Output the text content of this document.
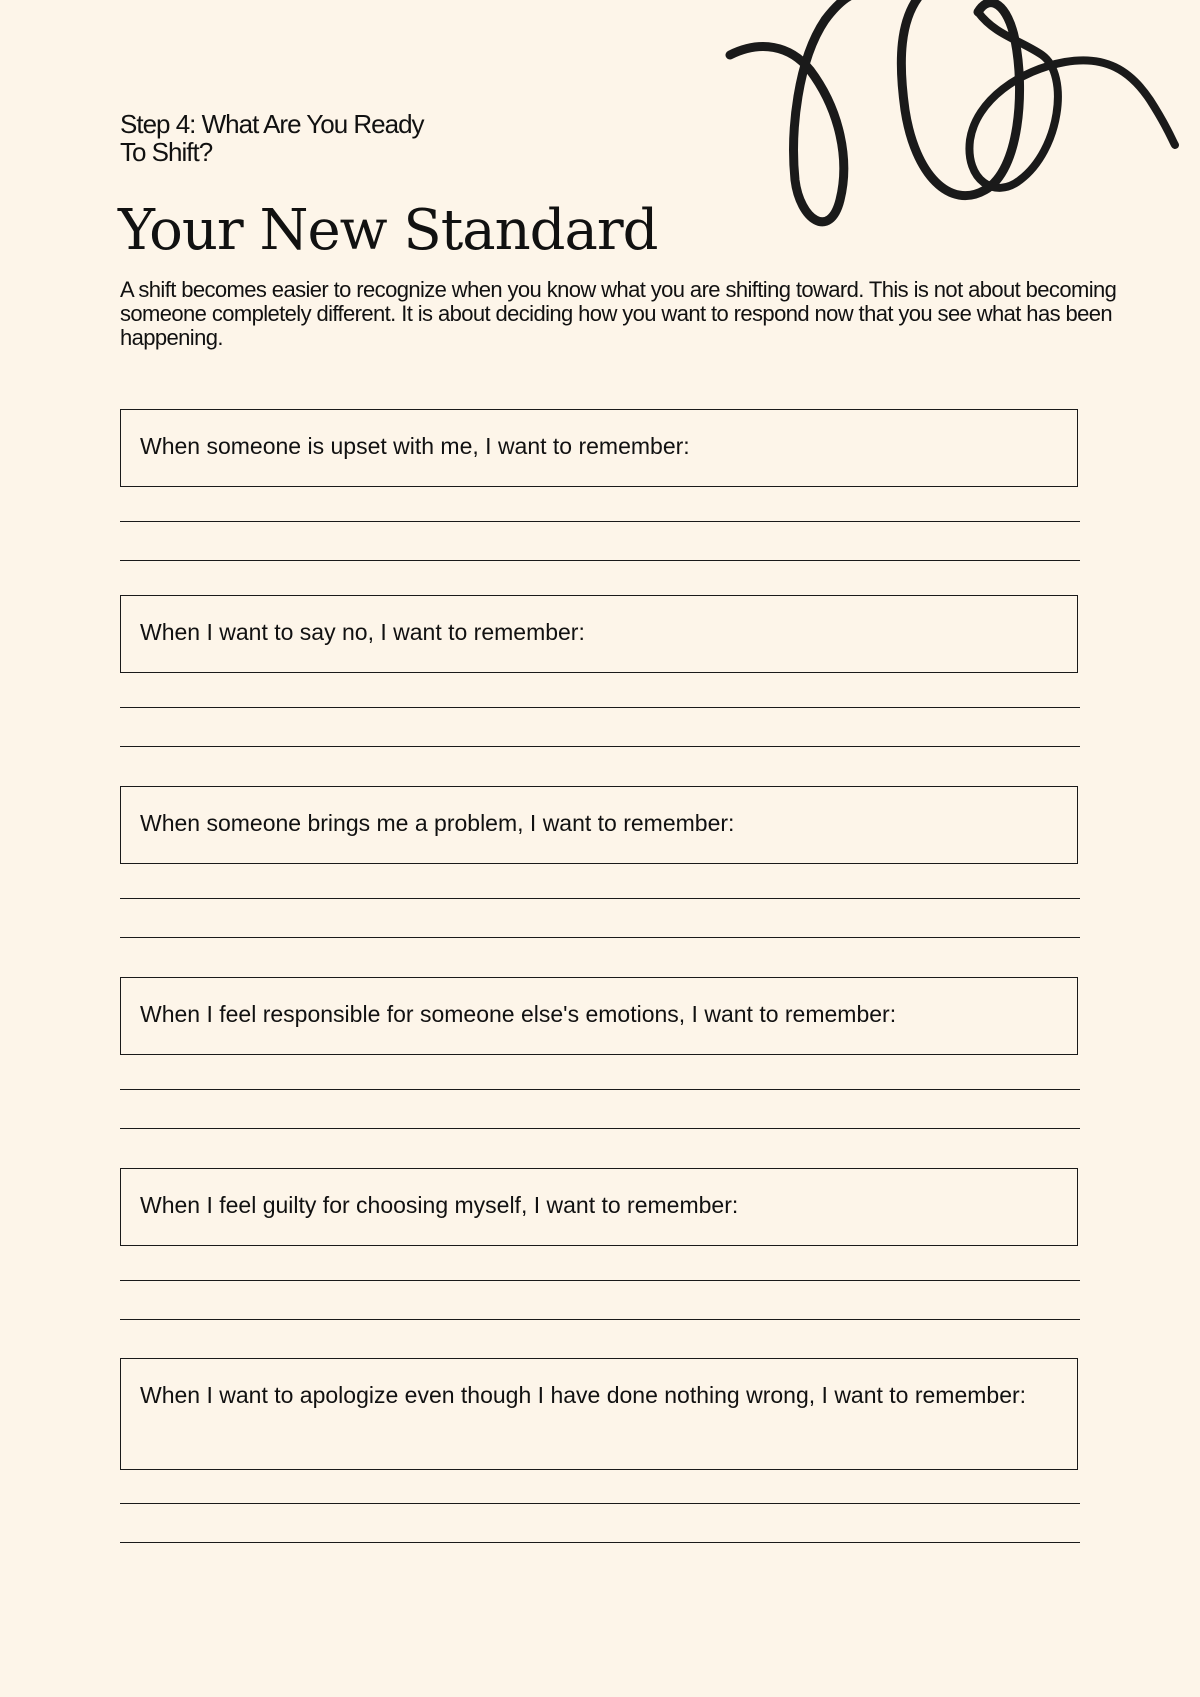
Step 4: What Are You Ready To Shift?
Your New Standard

A shift becomes easier to recognize when you know what you are shifting toward. This is not about becoming someone completely different. It is about deciding how you want to respond now that you see what has been happening.

When someone is upset with me, I want to remember:
When I want to say no, I want to remember:
When someone brings me a problem, I want to remember:
When I feel responsible for someone else's emotions, I want to remember:
When I feel guilty for choosing myself, I want to remember:
When I want to apologize even though I have done nothing wrong, I want to remember:
